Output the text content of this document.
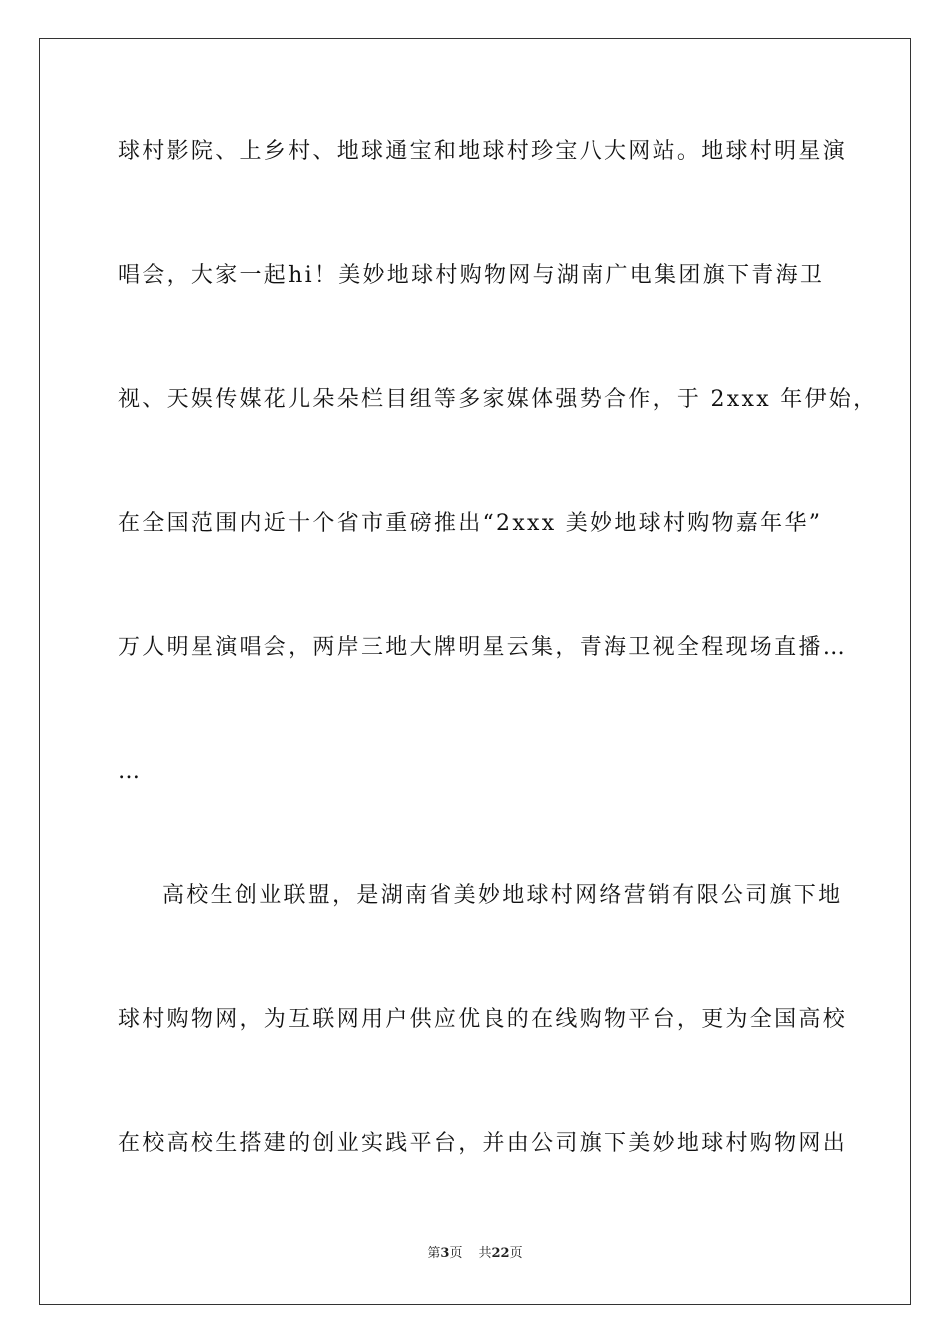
球村影院、上乡村、地球通宝和地球村珍宝八大网站。地球村明星演
唱会，大家一起hi！美妙地球村购物网与湖南广电集团旗下青海卫
视、天娱传媒花儿朵朵栏目组等多家媒体强势合作，于 2xxx 年伊始，
在全国范围内近十个省市重磅推出“2xxx 美妙地球村购物嘉年华”
万人明星演唱会，两岸三地大牌明星云集，青海卫视全程现场直播…
…
高校生创业联盟，是湖南省美妙地球村网络营销有限公司旗下地
球村购物网，为互联网用户供应优良的在线购物平台，更为全国高校
在校高校生搭建的创业实践平台，并由公司旗下美妙地球村购物网出
第3页 共22页
